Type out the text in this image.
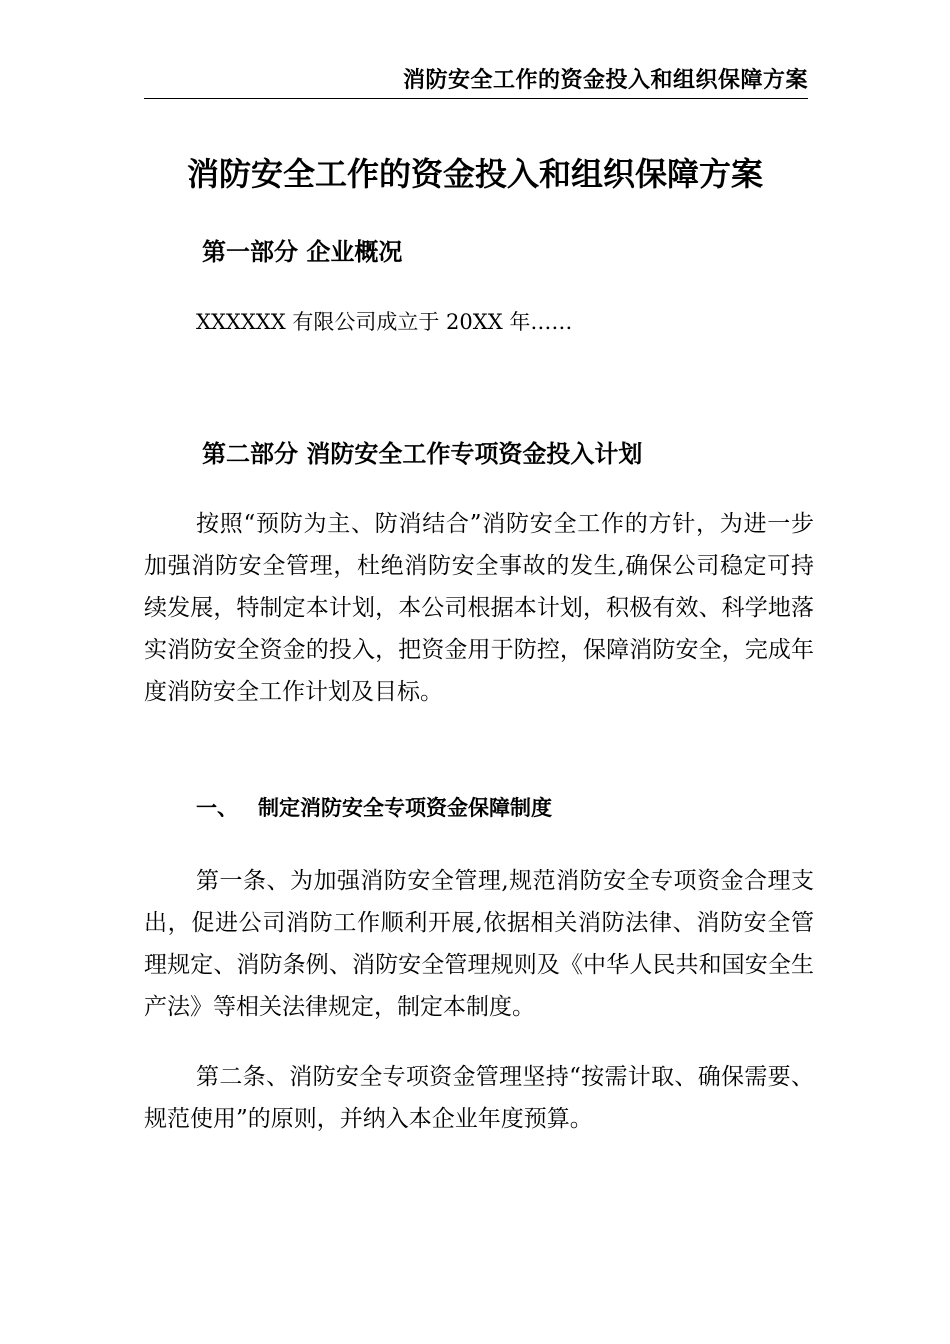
消防安全工作的资金投入和组织保障方案
消防安全工作的资金投入和组织保障方案
第一部分 企业概况
XXXXXX 有限公司成立于 20XX 年……
第二部分 消防安全工作专项资金投入计划
按照“预防为主、防消结合”消防安全工作的方针，为进一步加强消防安全管理，杜绝消防安全事故的发生,确保公司稳定可持续发展，特制定本计划，本公司根据本计划，积极有效、科学地落实消防安全资金的投入，把资金用于防控，保障消防安全，完成年度消防安全工作计划及目标。
一、 制定消防安全专项资金保障制度
第一条、为加强消防安全管理,规范消防安全专项资金合理支出，促进公司消防工作顺利开展,依据相关消防法律、消防安全管理规定、消防条例、消防安全管理规则及《中华人民共和国安全生产法》等相关法律规定，制定本制度。
第二条、消防安全专项资金管理坚持“按需计取、确保需要、规范使用”的原则，并纳入本企业年度预算。
